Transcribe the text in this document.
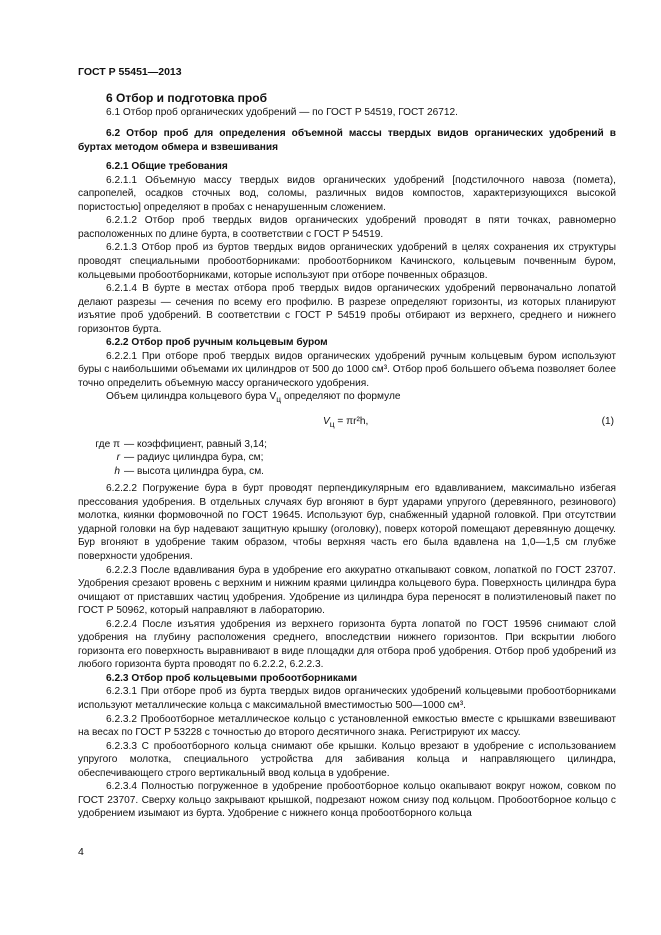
ГОСТ Р 55451—2013

6 Отбор и подготовка проб

6.1 Отбор проб органических удобрений — по ГОСТ Р 54519, ГОСТ 26712.

6.2 Отбор проб для определения объемной массы твердых видов органических удобрений в буртах методом обмера и взвешивания

6.2.1 Общие требования

6.2.1.1 Объемную массу твердых видов органических удобрений [подстилочного навоза (помета), сапропелей, осадков сточных вод, соломы, различных видов компостов, характеризующихся высокой пористостью] определяют в пробах с ненарушенным сложением.

6.2.1.2 Отбор проб твердых видов органических удобрений проводят в пяти точках, равномерно расположенных по длине бурта, в соответствии с ГОСТ Р 54519.

6.2.1.3 Отбор проб из буртов твердых видов органических удобрений в целях сохранения их структуры проводят специальными пробоотборниками: пробоотборником Качинского, кольцевым почвенным буром, кольцевыми пробоотборниками, которые используют при отборе почвенных образцов.

6.2.1.4 В бурте в местах отбора проб твердых видов органических удобрений первоначально лопатой делают разрезы — сечения по всему его профилю. В разрезе определяют горизонты, из которых планируют изъятие проб удобрений. В соответствии с ГОСТ Р 54519 пробы отбирают из верхнего, среднего и нижнего горизонтов бурта.

6.2.2 Отбор проб ручным кольцевым буром

6.2.2.1 При отборе проб твердых видов органических удобрений ручным кольцевым буром используют буры с наибольшими объемами их цилиндров от 500 до 1000 см³. Отбор проб большего объема позволяет более точно определить объемную массу органического удобрения.

Объем цилиндра кольцевого бура $V_ц$ определяют по формуле

$V_ц = \pi r^2h$,	(1)

где π — коэффициент, равный 3,14;
r — радиус цилиндра бура, см;
h — высота цилиндра бура, см.

6.2.2.2 Погружение бура в бурт проводят перпендикулярным его вдавливанием, максимально избегая прессования удобрения. В отдельных случаях бур вгоняют в бурт ударами упругого (деревянного, резинового) молотка, киянки формовочной по ГОСТ 19645. Используют бур, снабженный ударной головкой. При отсутствии ударной головки на бур надевают защитную крышку (оголовку), поверх которой помещают деревянную дощечку. Бур вгоняют в удобрение таким образом, чтобы верхняя часть его была вдавлена на 1,0—1,5 см глубже поверхности удобрения.

6.2.2.3 После вдавливания бура в удобрение его аккуратно откапывают совком, лопаткой по ГОСТ 23707. Удобрения срезают вровень с верхним и нижним краями цилиндра кольцевого бура. Поверхность цилиндра бура очищают от приставших частиц удобрения. Удобрение из цилиндра бура переносят в полиэтиленовый пакет по ГОСТ Р 50962, который направляют в лабораторию.

6.2.2.4 После изъятия удобрения из верхнего горизонта бурта лопатой по ГОСТ 19596 снимают слой удобрения на глубину расположения среднего, впоследствии нижнего горизонтов. При вскрытии любого горизонта его поверхность выравнивают в виде площадки для отбора проб удобрения. Отбор проб удобрений из любого горизонта бурта проводят по 6.2.2.2, 6.2.2.3.

6.2.3 Отбор проб кольцевыми пробоотборниками

6.2.3.1 При отборе проб из бурта твердых видов органических удобрений кольцевыми пробоотборниками используют металлические кольца с максимальной вместимостью 500—1000 см³.

6.2.3.2 Пробоотборное металлическое кольцо с установленной емкостью вместе с крышками взвешивают на весах по ГОСТ Р 53228 с точностью до второго десятичного знака. Регистрируют их массу.

6.2.3.3 С пробоотборного кольца снимают обе крышки. Кольцо врезают в удобрение с использованием упругого молотка, специального устройства для забивания кольца и направляющего цилиндра, обеспечивающего строго вертикальный ввод кольца в удобрение.

6.2.3.4 Полностью погруженное в удобрение пробоотборное кольцо окапывают вокруг ножом, совком по ГОСТ 23707. Сверху кольцо закрывают крышкой, подрезают ножом снизу под кольцом. Пробоотборное кольцо с удобрением изымают из бурта. Удобрение с нижнего конца пробоотборного кольца

4
